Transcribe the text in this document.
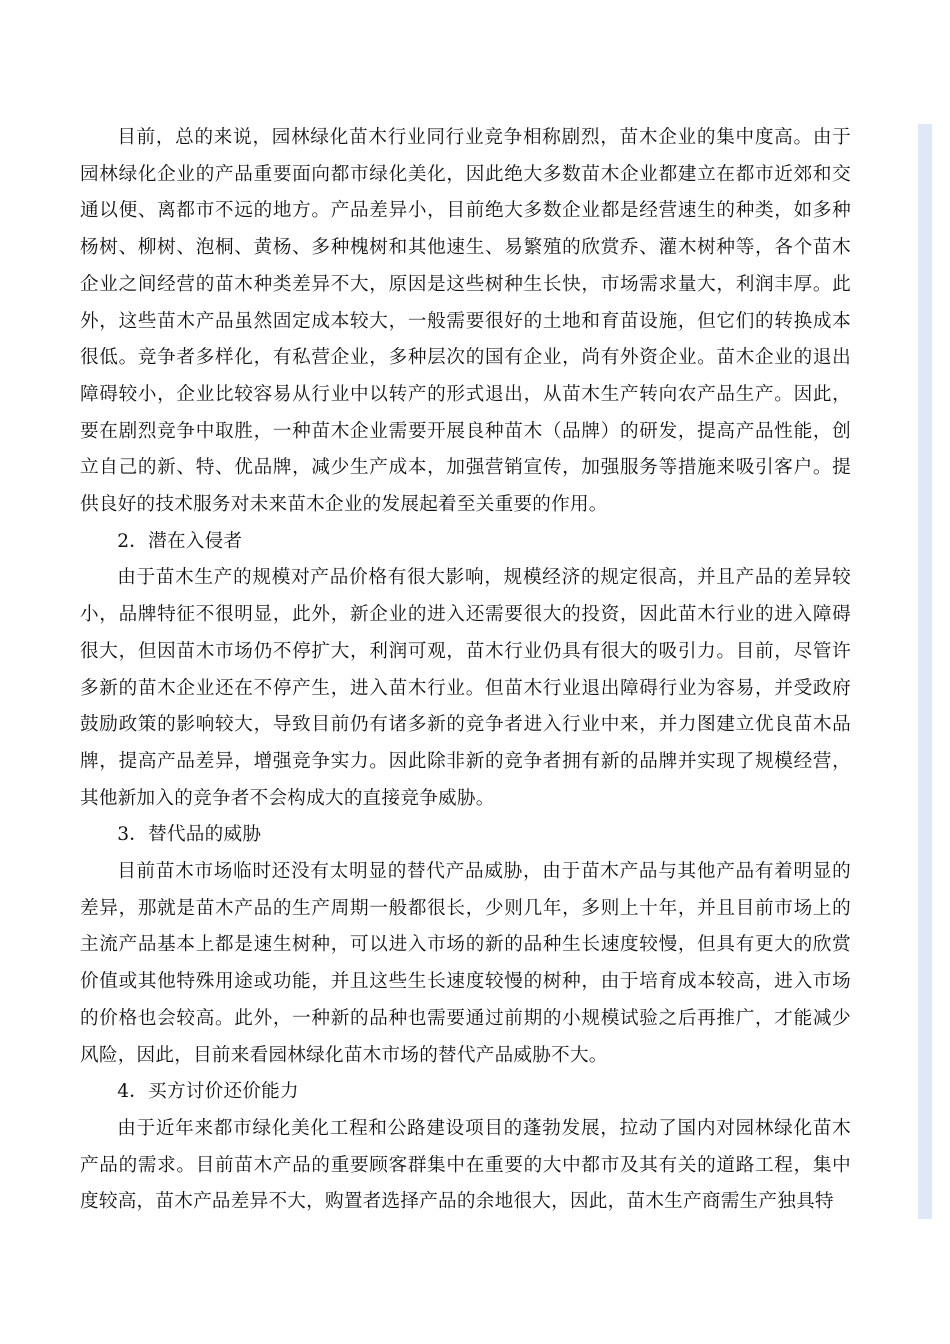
目前，总的来说，园林绿化苗木行业同行业竞争相称剧烈，苗木企业的集中度高。由于园林绿化企业的产品重要面向都市绿化美化，因此绝大多数苗木企业都建立在都市近郊和交通以便、离都市不远的地方。产品差异小，目前绝大多数企业都是经营速生的种类，如多种杨树、柳树、泡桐、黄杨、多种槐树和其他速生、易繁殖的欣赏乔、灌木树种等，各个苗木企业之间经营的苗木种类差异不大，原因是这些树种生长快，市场需求量大，利润丰厚。此外，这些苗木产品虽然固定成本较大，一般需要很好的土地和育苗设施，但它们的转换成本很低。竞争者多样化，有私营企业，多种层次的国有企业，尚有外资企业。苗木企业的退出障碍较小，企业比较容易从行业中以转产的形式退出，从苗木生产转向农产品生产。因此，要在剧烈竞争中取胜，一种苗木企业需要开展良种苗木（品牌）的研发，提高产品性能，创立自己的新、特、优品牌，减少生产成本，加强营销宣传，加强服务等措施来吸引客户。提供良好的技术服务对未来苗木企业的发展起着至关重要的作用。

2．潜在入侵者

由于苗木生产的规模对产品价格有很大影响，规模经济的规定很高，并且产品的差异较小，品牌特征不很明显，此外，新企业的进入还需要很大的投资，因此苗木行业的进入障碍很大，但因苗木市场仍不停扩大，利润可观，苗木行业仍具有很大的吸引力。目前，尽管许多新的苗木企业还在不停产生，进入苗木行业。但苗木行业退出障碍行业为容易，并受政府鼓励政策的影响较大，导致目前仍有诸多新的竞争者进入行业中来，并力图建立优良苗木品牌，提高产品差异，增强竞争实力。因此除非新的竞争者拥有新的品牌并实现了规模经营，其他新加入的竞争者不会构成大的直接竞争威胁。

3．替代品的威胁

目前苗木市场临时还没有太明显的替代产品威胁，由于苗木产品与其他产品有着明显的差异，那就是苗木产品的生产周期一般都很长，少则几年，多则上十年，并且目前市场上的主流产品基本上都是速生树种，可以进入市场的新的品种生长速度较慢，但具有更大的欣赏价值或其他特殊用途或功能，并且这些生长速度较慢的树种，由于培育成本较高，进入市场的价格也会较高。此外，一种新的品种也需要通过前期的小规模试验之后再推广，才能减少风险，因此，目前来看园林绿化苗木市场的替代产品威胁不大。

4．买方讨价还价能力

由于近年来都市绿化美化工程和公路建设项目的蓬勃发展，拉动了国内对园林绿化苗木产品的需求。目前苗木产品的重要顾客群集中在重要的大中都市及其有关的道路工程，集中度较高，苗木产品差异不大，购置者选择产品的余地很大，因此，苗木生产商需生产独具特
